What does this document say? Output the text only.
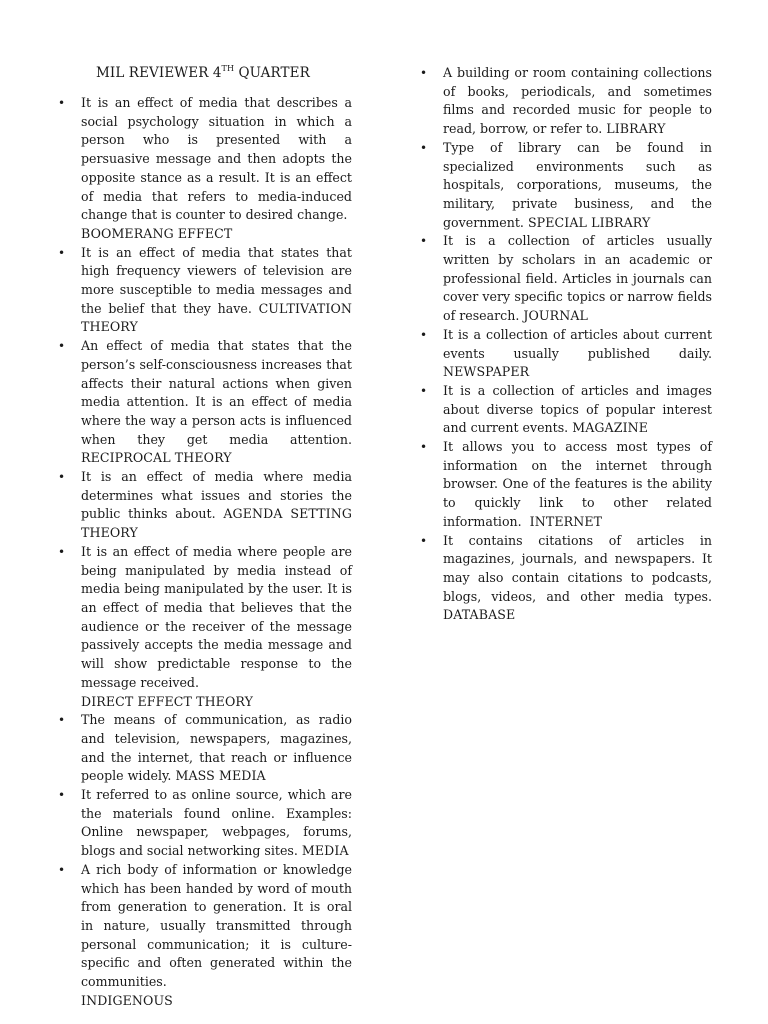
MIL REVIEWER 4TH QUARTER
• It is an effect of media that describes a social psychology situation in which a person who is presented with a persuasive message and then adopts the opposite stance as a result. It is an effect of media that refers to media-induced change that is counter to desired change.
BOOMERANG EFFECT
• It is an effect of media that states that high frequency viewers of television are more susceptible to media messages and the belief that they have. CULTIVATION THEORY
• An effect of media that states that the person’s self-consciousness increases that affects their natural actions when given media attention. It is an effect of media where the way a person acts is influenced when they get media attention. RECIPROCAL THEORY
• It is an effect of media where media determines what issues and stories the public thinks about. AGENDA SETTING THEORY
• It is an effect of media where people are being manipulated by media instead of media being manipulated by the user. It is an effect of media that believes that the audience or the receiver of the message passively accepts the media message and will show predictable response to the message received.
DIRECT EFFECT THEORY
• The means of communication, as radio and television, newspapers, magazines, and the internet, that reach or influence people widely. MASS MEDIA
• It referred to as online source, which are the materials found online. Examples: Online newspaper, webpages, forums, blogs and social networking sites. MEDIA
• A rich body of information or knowledge which has been handed by word of mouth from generation to generation. It is oral in nature, usually transmitted through personal communication; it is culture-specific and often generated within the communities.
INDIGENOUS
• A building or room containing collections of books, periodicals, and sometimes films and recorded music for people to read, borrow, or refer to. LIBRARY
• Type of library can be found in specialized environments such as hospitals, corporations, museums, the military, private business, and the government. SPECIAL LIBRARY
• It is a collection of articles usually written by scholars in an academic or professional field. Articles in journals can cover very specific topics or narrow fields of research. JOURNAL
• It is a collection of articles about current events usually published daily. NEWSPAPER
• It is a collection of articles and images about diverse topics of popular interest and current events. MAGAZINE
• It allows you to access most types of information on the internet through browser. One of the features is the ability to quickly link to other related information. INTERNET
• It contains citations of articles in magazines, journals, and newspapers. It may also contain citations to podcasts, blogs, videos, and other media types. DATABASE
